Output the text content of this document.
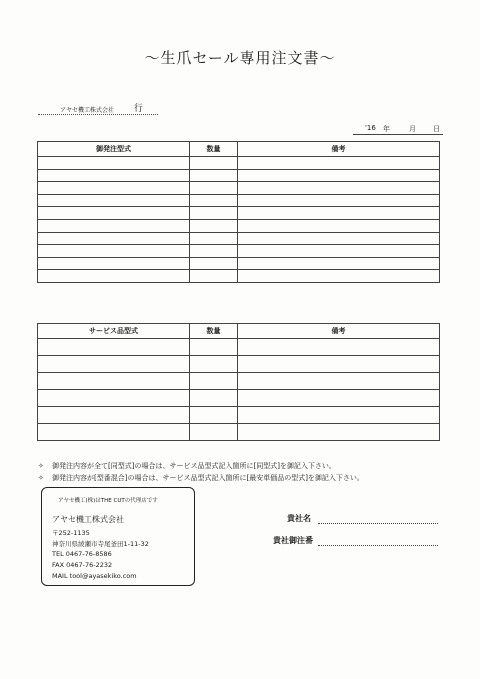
～生爪セール専用注文書～
アヤセ機工株式会社 行
'16 年	月 日
御発注型式	数量	備考

サービス品型式	数量	備考

✧ 御発注内容が全て[同型式]の場合は、サービス品型式記入箇所に[同型式]を御記入下さい。
✧ 御発注内容が[型番混合]の場合は、サービス品型式記入箇所に[最安単価品の型式]を御記入下さい。
アヤセ機工(株)はTHE CUTの代理店です
アヤセ機工株式会社
〒252-1135
神奈川県綾瀬市寺尾釜田1-11-32
TEL 0467-76-8586
FAX 0467-76-2232
MAIL tool@ayasekiko.com
貴社名
貴社御注番
